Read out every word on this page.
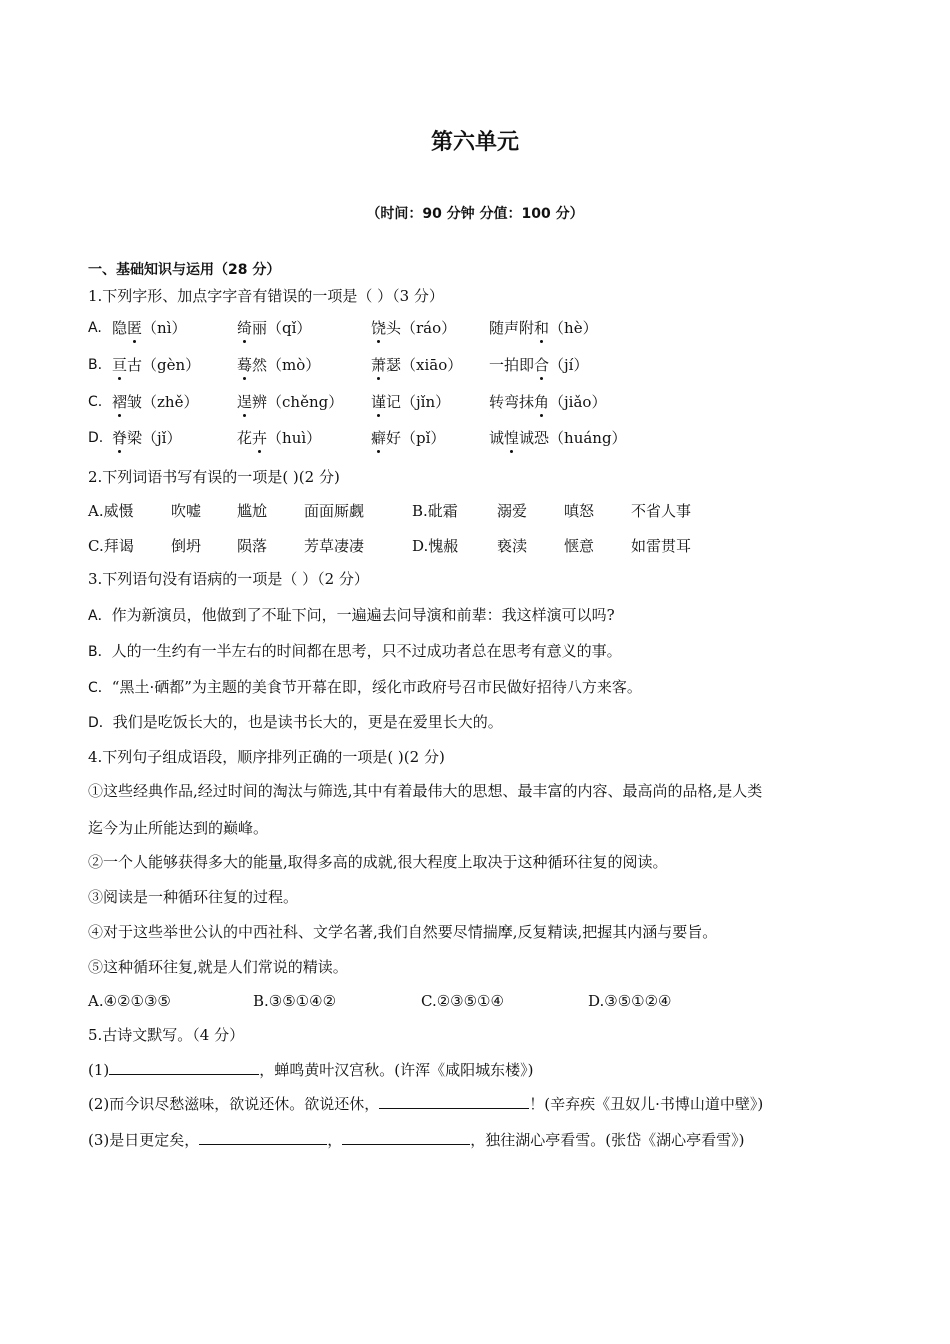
第六单元
（时间：90 分钟 分值：100 分）
一、基础知识与运用（28 分）
1.下列字形、加点字字音有错误的一项是（ ）（3 分）
A. 隐匿（nì）	绮丽（qǐ）	饶头（ráo） 随声附和（hè）
B. 亘古（gèn） 蓦然（mò）	萧瑟（xiāo） 一拍即合（jí）
C. 褶皱（zhě）	逞辨（chěng） 谨记（jǐn）	转弯抹角（jiǎo）
D. 脊梁（jǐ）	花卉（huì）	癖好（pǐ）	诚惶诚恐（huáng）
2.下列词语书写有误的一项是( )(2 分)
A.威慑 吹嘘 尴尬 面面厮觑	B.砒霜	溺爱 嗔怒 不省人事
C.拜谒 倒坍 陨落 芳草凄凄	D.愧赧	亵渎 惬意 如雷贯耳
3.下列语句没有语病的一项是（ ）（2 分）
A．作为新演员，他做到了不耻下问，一遍遍去问导演和前辈：我这样演可以吗?
B．人的一生约有一半左右的时间都在思考，只不过成功者总在思考有意义的事。
C．“黑土·硒都”为主题的美食节开幕在即，绥化市政府号召市民做好招待八方来客。
D．我们是吃饭长大的，也是读书长大的，更是在爱里长大的。
4.下列句子组成语段，顺序排列正确的一项是( )(2 分)
①这些经典作品,经过时间的淘汰与筛选,其中有着最伟大的思想、最丰富的内容、最高尚的品格,是人类
迄今为止所能达到的巅峰。
②一个人能够获得多大的能量,取得多高的成就,很大程度上取决于这种循环往复的阅读。
③阅读是一种循环往复的过程。
④对于这些举世公认的中西社科、文学名著,我们自然要尽情揣摩,反复精读,把握其内涵与要旨。
⑤这种循环往复,就是人们常说的精读。
A.④②①③⑤	B.③⑤①④②	C.②③⑤①④	D.③⑤①②④
5.古诗文默写。（4 分）
(1)	，蝉鸣黄叶汉宫秋。(许浑《咸阳城东楼》)
(2)而今识尽愁滋味，欲说还休。欲说还休，	！(辛弃疾《丑奴儿·书博山道中壁》)
(3)是日更定矣，	，	，独往湖心亭看雪。(张岱《湖心亭看雪》)
